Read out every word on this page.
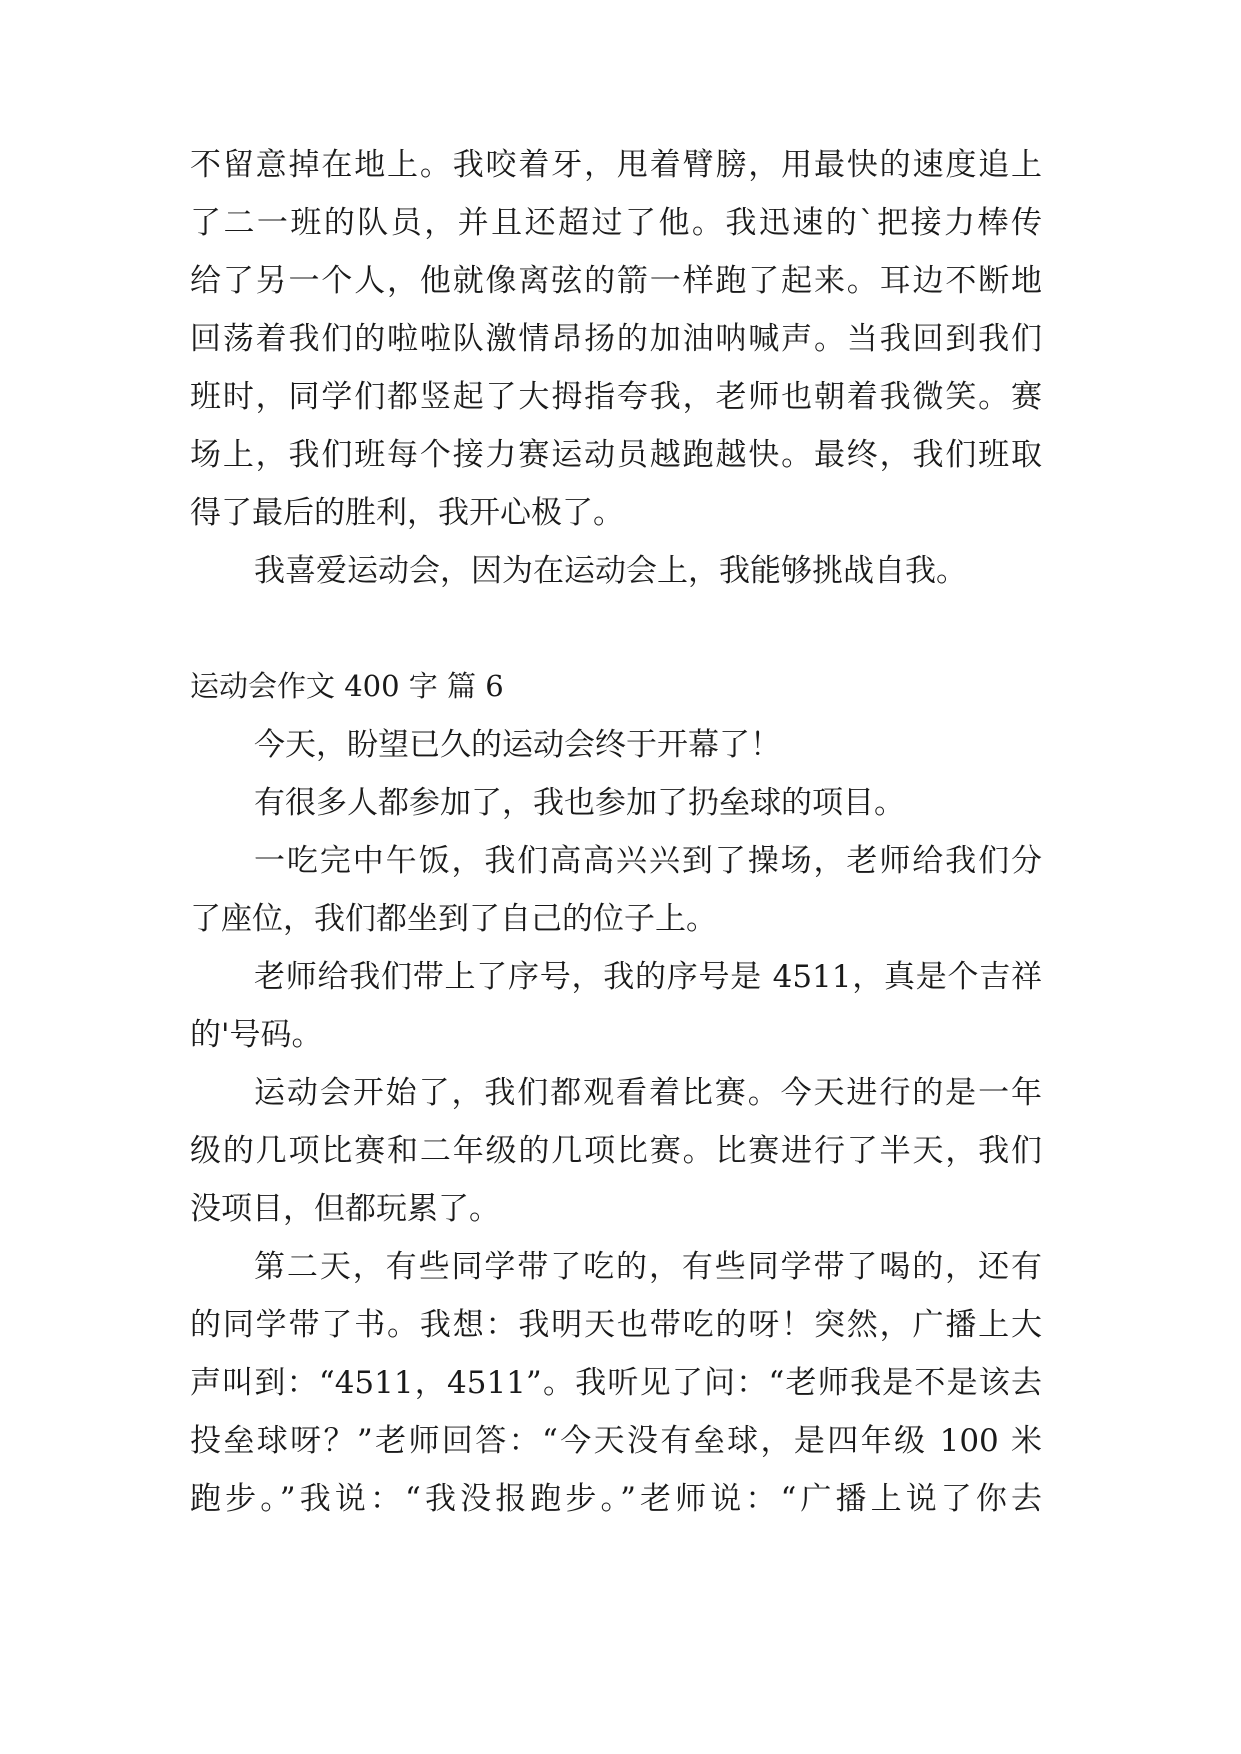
不留意掉在地上。我咬着牙，甩着臂膀，用最快的速度追上
了二一班的队员，并且还超过了他。我迅速的`把接力棒传
给了另一个人，他就像离弦的箭一样跑了起来。耳边不断地
回荡着我们的啦啦队激情昂扬的加油呐喊声。当我回到我们
班时，同学们都竖起了大拇指夸我，老师也朝着我微笑。赛
场上，我们班每个接力赛运动员越跑越快。最终，我们班取
得了最后的胜利，我开心极了。
我喜爱运动会，因为在运动会上，我能够挑战自我。
运动会作文 400 字 篇 6
今天，盼望已久的运动会终于开幕了！
有很多人都参加了，我也参加了扔垒球的项目。
一吃完中午饭，我们高高兴兴到了操场，老师给我们分
了座位，我们都坐到了自己的位子上。
老师给我们带上了序号，我的序号是 4511，真是个吉祥
的'号码。
运动会开始了，我们都观看着比赛。今天进行的是一年
级的几项比赛和二年级的几项比赛。比赛进行了半天，我们
没项目，但都玩累了。
第二天，有些同学带了吃的，有些同学带了喝的，还有
的同学带了书。我想：我明天也带吃的呀！突然，广播上大
声叫到：“4511，4511”。我听见了问：“老师我是不是该去
投垒球呀？”老师回答：“今天没有垒球，是四年级 100 米
跑步。”我说：“我没报跑步。”老师说：“广播上说了你去
